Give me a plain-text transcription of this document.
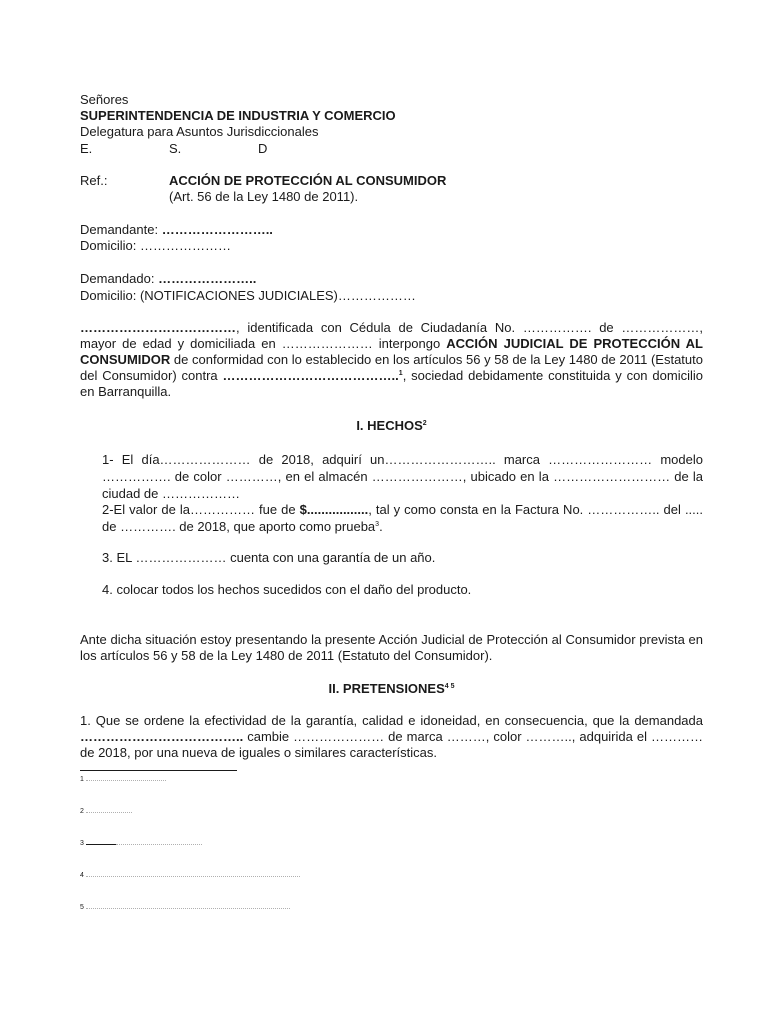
Señores
SUPERINTENDENCIA DE INDUSTRIA Y COMERCIO
Delegatura para Asuntos Jurisdiccionales
E.	S.	D
Ref.:	ACCIÓN DE PROTECCIÓN AL CONSUMIDOR
(Art. 56 de la Ley 1480 de 2011).
Demandante: ……………………..
Domicilio: …………………
Demandado: …………………..
Domicilio: (NOTIFICACIONES JUDICIALES)………………
………………………………, identificada con Cédula de Ciudadanía No. ……………. de ………………, mayor de edad y domiciliada en ………………… interpongo ACCIÓN JUDICIAL DE PROTECCIÓN AL CONSUMIDOR de conformidad con lo establecido en los artículos 56 y 58 de la Ley 1480 de 2011 (Estatuto del Consumidor) contra …………………………………..$^1$, sociedad debidamente constituida y con domicilio en Barranquilla.
I. HECHOS$^2$
1- El día………………… de 2018, adquirí un…………………….. marca …………………… modelo ……………. de color …………, en el almacén …………………, ubicado en la ……………………… de la ciudad de ………………
2-El valor de la…………… fue de $................., tal y como consta en la Factura No. …………….. del ..... de …………. de 2018, que aporto como prueba$^3$.
3. EL ………………… cuenta con una garantía de un año.
4. colocar todos los hechos sucedidos con el daño del producto.
Ante dicha situación estoy presentando la presente Acción Judicial de Protección al Consumidor prevista en los artículos 56 y 58 de la Ley 1480 de 2011 (Estatuto del Consumidor).
II. $PRETENSIONES^{4 5}$
1. Que se ordene la efectividad de la garantía, calidad e idoneidad, en consecuencia, que la demandada ……………………………….. cambie ………………… de marca ………, color ……….., adquirida el …………de 2018, por una nueva de iguales o similares características.
1
2
3
4
5
